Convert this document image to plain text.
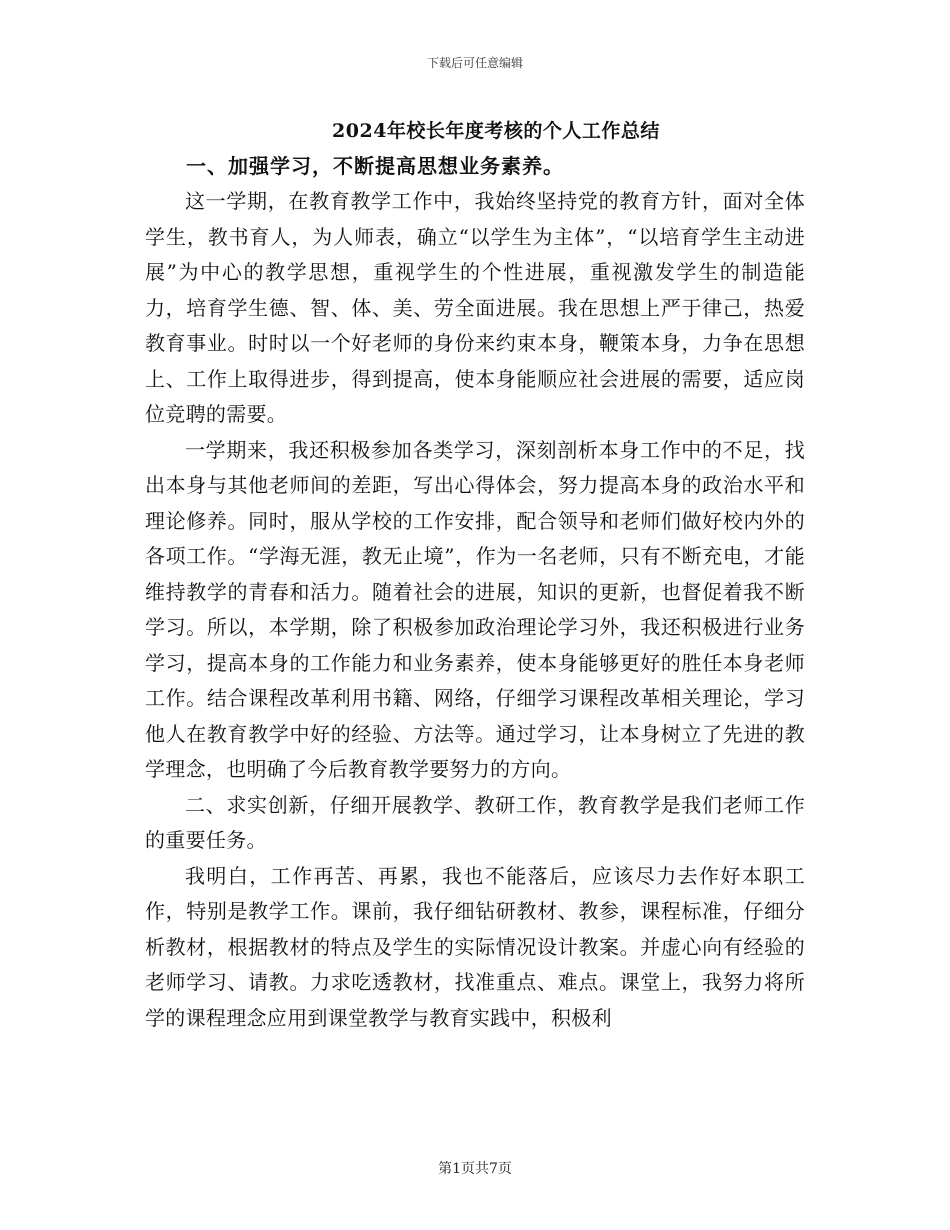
下载后可任意编辑
2024年校长年度考核的个人工作总结
一、加强学习，不断提高思想业务素养。

这一学期，在教育教学工作中，我始终坚持党的教育方针，面对全体学生，教书育人，为人师表，确立“以学生为主体”，“以培育学生主动进展”为中心的教学思想，重视学生的个性进展，重视激发学生的制造能力，培育学生德、智、体、美、劳全面进展。我在思想上严于律己，热爱教育事业。时时以一个好老师的身份来约束本身，鞭策本身，力争在思想上、工作上取得进步，得到提高，使本身能顺应社会进展的需要，适应岗位竞聘的需要。

一学期来，我还积极参加各类学习，深刻剖析本身工作中的不足，找出本身与其他老师间的差距，写出心得体会，努力提高本身的政治水平和理论修养。同时，服从学校的工作安排，配合领导和老师们做好校内外的各项工作。“学海无涯，教无止境”，作为一名老师，只有不断充电，才能维持教学的青春和活力。随着社会的进展，知识的更新，也督促着我不断学习。所以，本学期，除了积极参加政治理论学习外，我还积极进行业务学习，提高本身的工作能力和业务素养，使本身能够更好的胜任本身老师工作。结合课程改革利用书籍、网络，仔细学习课程改革相关理论，学习他人在教育教学中好的经验、方法等。通过学习，让本身树立了先进的教学理念，也明确了今后教育教学要努力的方向。

二、求实创新，仔细开展教学、教研工作，教育教学是我们老师工作的重要任务。

我明白，工作再苦、再累，我也不能落后，应该尽力去作好本职工作，特别是教学工作。课前，我仔细钻研教材、教参，课程标准，仔细分析教材，根据教材的特点及学生的实际情况设计教案。并虚心向有经验的老师学习、请教。力求吃透教材，找准重点、难点。课堂上，我努力将所学的课程理念应用到课堂教学与教育实践中，积极利

第1页共7页
